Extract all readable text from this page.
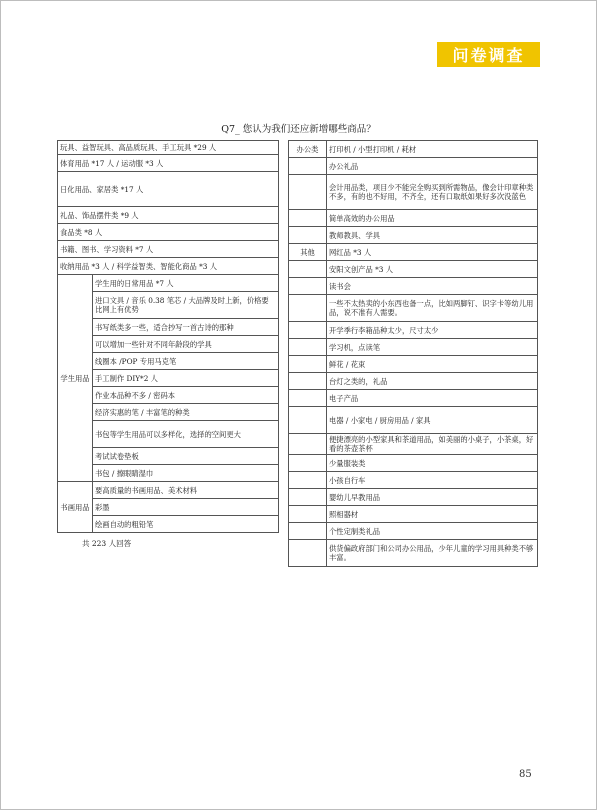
问卷调查
Q7_ 您认为我们还应新增哪些商品？
玩具、益智玩具、高品质玩具、手工玩具 *29 人	
体育用品 *17 人 / 运动服 *3 人	
日化用品、家居类 *17 人	
礼品、饰品摆件类 *9 人	
食品类 *8 人	
书籍、图书、学习资料 *7 人	
收纳用品 *3 人 / 科学益智类、智能化商品 *3 人	
学生用品	学生用的日常用品 *7 人
	进口文具 / 音乐 0.38 笔芯 / 大品牌及时上新，价格要比网上有优势
	书写纸类多一些，适合抄写一首古诗的那种
	可以增加一些针对不同年龄段的学具
	线圈本 /POP 专用马克笔
	手工制作 DIY*2 人
	作业本品种不多 / 密码本
	经济实惠的笔 / 丰富笔的种类
	书包等学生用品可以多样化，选择的空间更大
	考试试卷垫板
	书包 / 擦眼睛湿巾
书画用品	要高质量的书画用品、美术材料
	彩墨
	绘画自动的粗铅笔
办公类	打印机 / 小型打印机 / 耗材
	办公礼品
	会计用品类，项目少不能完全购买到所需物品，像会计印章种类不多，有的也不好用，不齐全，还有口取纸如果好多次没蓝色
	简单高效的办公用品
	教师教具、学具
其他	网红品 *3 人
	安阳文创产品 *3 人
	读书会
	一些不太热卖的小东西也备一点，比如两脚钉、识字卡等幼儿用品，说不准有人需要。
	开学季行李箱品种太少，尺寸太少
	学习机，点读笔
	鲜花 / 花束
	台灯之类的，礼品
	电子产品
	电器 / 小家电 / 厨房用品 / 家具
	便捷漂亮的小型家具和茶道用品，如美丽的小桌子，小茶桌，好看的茶壶茶杯
	少量服装类
	小孩自行车
	婴幼儿早教用品
	照相器材
	个性定制类礼品
	供货偏政府部门和公司办公用品，少年儿童的学习用具种类不够丰富。
共 223 人回答
85
